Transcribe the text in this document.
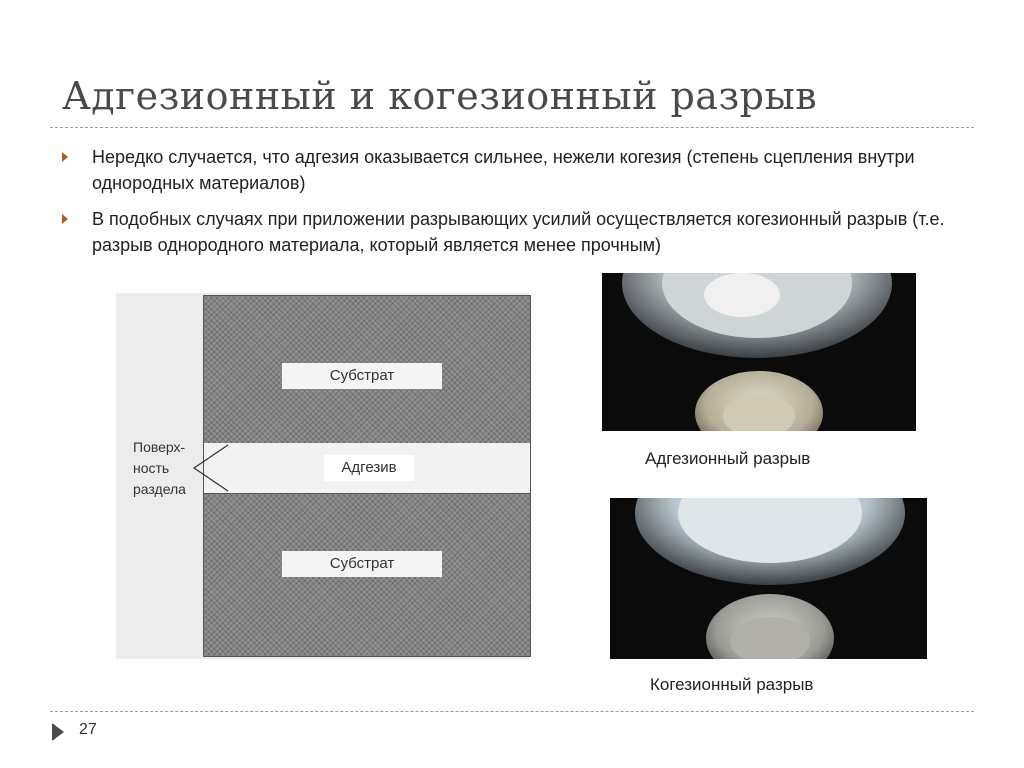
Адгезионный и когезионный разрыв
Нередко случается, что адгезия оказывается сильнее, нежели когезия (степень сцепления внутри однородных материалов)
В подобных случаях при приложении разрывающих усилий осуществляется когезионный разрыв (т.е. разрыв однородного материала, который является менее прочным)
Субстрат
Адгезив
Субстрат
Поверх-
ность
раздела
Адгезионный разрыв
Когезионный разрыв
27
